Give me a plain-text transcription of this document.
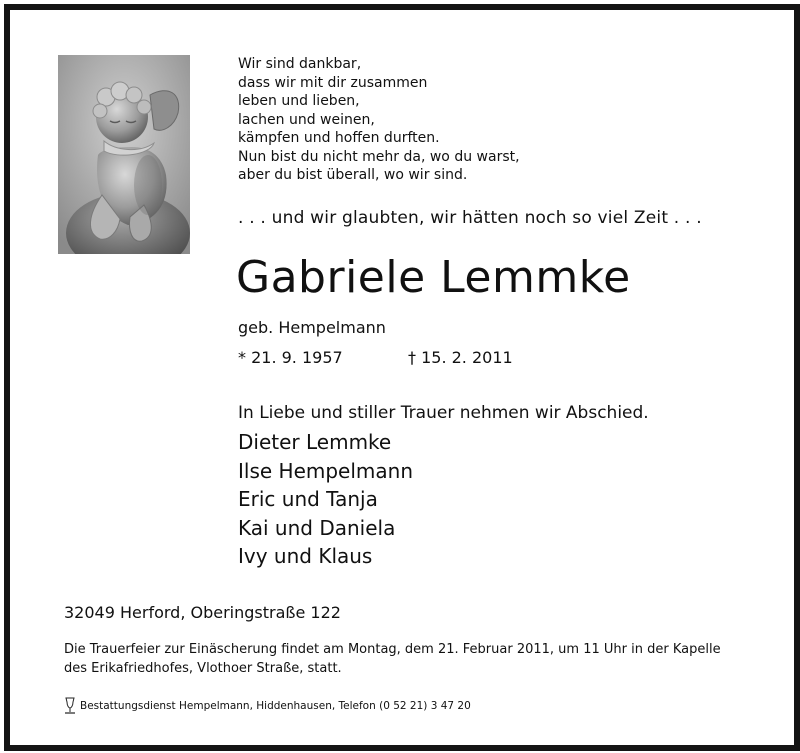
Wir sind dankbar,
dass wir mit dir zusammen
leben und lieben,
lachen und weinen,
kämpfen und hoffen durften.
Nun bist du nicht mehr da, wo du warst,
aber du bist überall, wo wir sind.
. . . und wir glaubten, wir hätten noch so viel Zeit . . .
Gabriele Lemmke
geb. Hempelmann
* 21. 9. 1957	† 15. 2. 2011
In Liebe und stiller Trauer nehmen wir Abschied.
Dieter Lemmke
Ilse Hempelmann
Eric und Tanja
Kai und Daniela
Ivy und Klaus
32049 Herford, Oberingstraße 122
Die Trauerfeier zur Einäscherung findet am Montag, dem 21. Februar 2011, um 11 Uhr in der Kapelle
des Erikafriedhofes, Vlothoer Straße, statt.
Bestattungsdienst Hempelmann, Hiddenhausen, Telefon (0 52 21) 3 47 20
